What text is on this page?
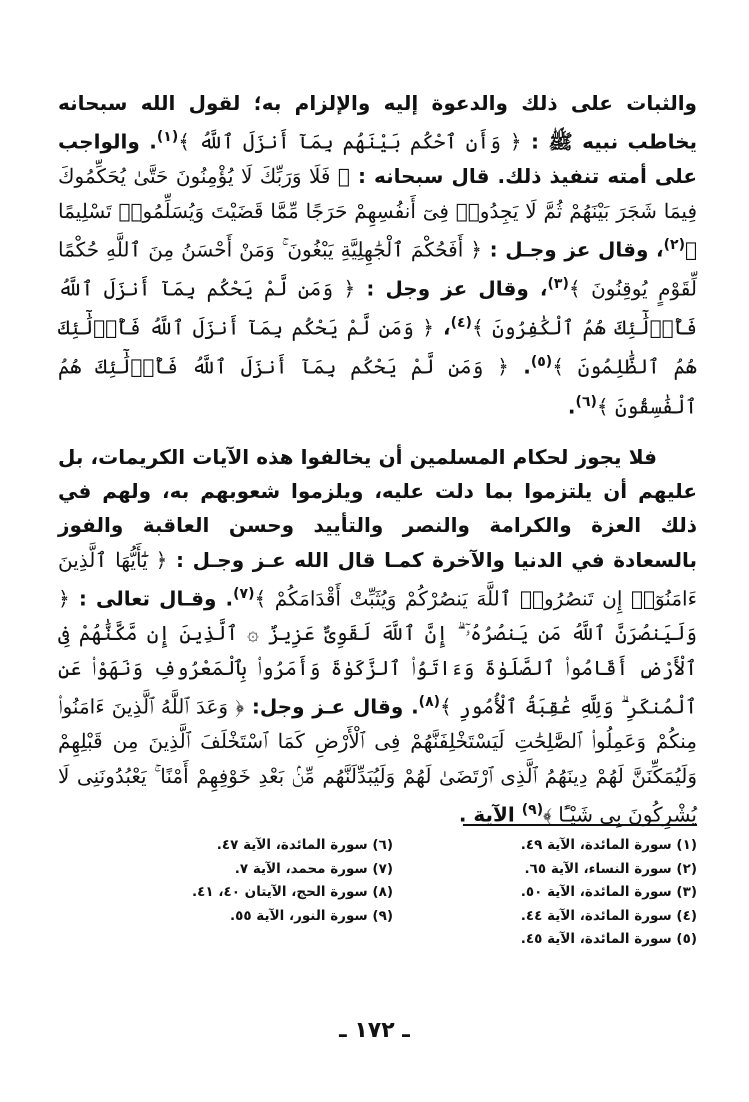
والثبات على ذلك والدعوة إليه والإلزام به؛ لقول الله سبحانه يخاطب نبيه ﷺ : ﴿ وَأَنِ ٱحْكُم بَيْنَهُم بِمَآ أَنزَلَ ٱللَّهُ ﴾$^{(١)}$. والواجب على أمته تنفيذ ذلك. قال سبحانه : ﴿ فَلَا وَرَبِّكَ لَا يُؤْمِنُونَ حَتَّىٰ يُحَكِّمُوكَ فِيمَا شَجَرَ بَيْنَهُمْ ثُمَّ لَا يَجِدُوا۟ فِىٓ أَنفُسِهِمْ حَرَجًا مِّمَّا قَضَيْتَ وَيُسَلِّمُوا۟ تَسْلِيمًا ﴾$^{(٢)}$، وقال عز وجـل : ﴿ أَفَحُكْمَ ٱلْجَٰهِلِيَّةِ يَبْغُونَ ۚ وَمَنْ أَحْسَنُ مِنَ ٱللَّهِ حُكْمًا لِّقَوْمٍ يُوقِنُونَ ﴾$^{(٣)}$، وقال عز وجل : ﴿ وَمَن لَّمْ يَحْكُم بِمَآ أَنزَلَ ٱللَّهُ فَأُو۟لَٰٓئِكَ هُمُ ٱلْكَٰفِرُونَ ﴾$^{(٤)}$، ﴿ وَمَن لَّمْ يَحْكُم بِمَآ أَنزَلَ ٱللَّهُ فَأُو۟لَٰٓئِكَ هُمُ ٱلظَّٰلِمُونَ ﴾$^{(٥)}$. ﴿ وَمَن لَّمْ يَحْكُم بِمَآ أَنزَلَ ٱللَّهُ فَأُو۟لَٰٓئِكَ هُمُ ٱلْفَٰسِقُونَ ﴾$^{(٦)}$.

فلا يجوز لحكام المسلمين أن يخالفوا هذه الآيات الكريمات، بل عليهم أن يلتزموا بما دلت عليه، ويلزموا شعوبهم به، ولهم في ذلك العزة والكرامة والنصر والتأييد وحسن العاقبة والفوز بالسعادة في الدنيا والآخرة كمـا قال الله عـز وجـل : ﴿ يَٰٓأَيُّهَا ٱلَّذِينَ ءَامَنُوٓا۟ إِن تَنصُرُوا۟ ٱللَّهَ يَنصُرْكُمْ وَيُثَبِّتْ أَقْدَامَكُمْ ﴾$^{(٧)}$. وقـال تعالى : ﴿ وَلَيَنصُرَنَّ ٱللَّهُ مَن يَنصُرُهُۥٓ ۗ إِنَّ ٱللَّهَ لَقَوِىٌّ عَزِيزٌ ۞ ٱلَّذِينَ إِن مَّكَّنَّٰهُمْ فِى ٱلْأَرْضِ أَقَامُوا۟ ٱلصَّلَوٰةَ وَءَاتَوُا۟ ٱلزَّكَوٰةَ وَأَمَرُوا۟ بِٱلْمَعْرُوفِ وَنَهَوْا۟ عَنِ ٱلْمُنكَرِ ۗ وَلِلَّهِ عَٰقِبَةُ ٱلْأُمُورِ ﴾$^{(٨)}$. وقال عـز وجل: ﴿ وَعَدَ ٱللَّهُ ٱلَّذِينَ ءَامَنُوا۟ مِنكُمْ وَعَمِلُوا۟ ٱلصَّٰلِحَٰتِ لَيَسْتَخْلِفَنَّهُمْ فِى ٱلْأَرْضِ كَمَا ٱسْتَخْلَفَ ٱلَّذِينَ مِن قَبْلِهِمْ وَلَيُمَكِّنَنَّ لَهُمْ دِينَهُمُ ٱلَّذِى ٱرْتَضَىٰ لَهُمْ وَلَيُبَدِّلَنَّهُم مِّنۢ بَعْدِ خَوْفِهِمْ أَمْنًا ۚ يَعْبُدُونَنِى لَا يُشْرِكُونَ بِى شَيْـًٔا ﴾$^{(٩)}$ الآية .

(١) سورة المائدة، الآية ٤٩.
(٢) سورة النساء، الآية ٦٥.
(٣) سورة المائدة، الآية ٥٠.
(٤) سورة المائدة، الآية ٤٤.
(٥) سورة المائدة، الآية ٤٥.
(٦) سورة المائدة، الآية ٤٧.
(٧) سورة محمد، الآية ٧.
(٨) سورة الحج، الآيتان ٤٠، ٤١.
(٩) سورة النور، الآية ٥٥.
ـ ١٧٢ ـ
